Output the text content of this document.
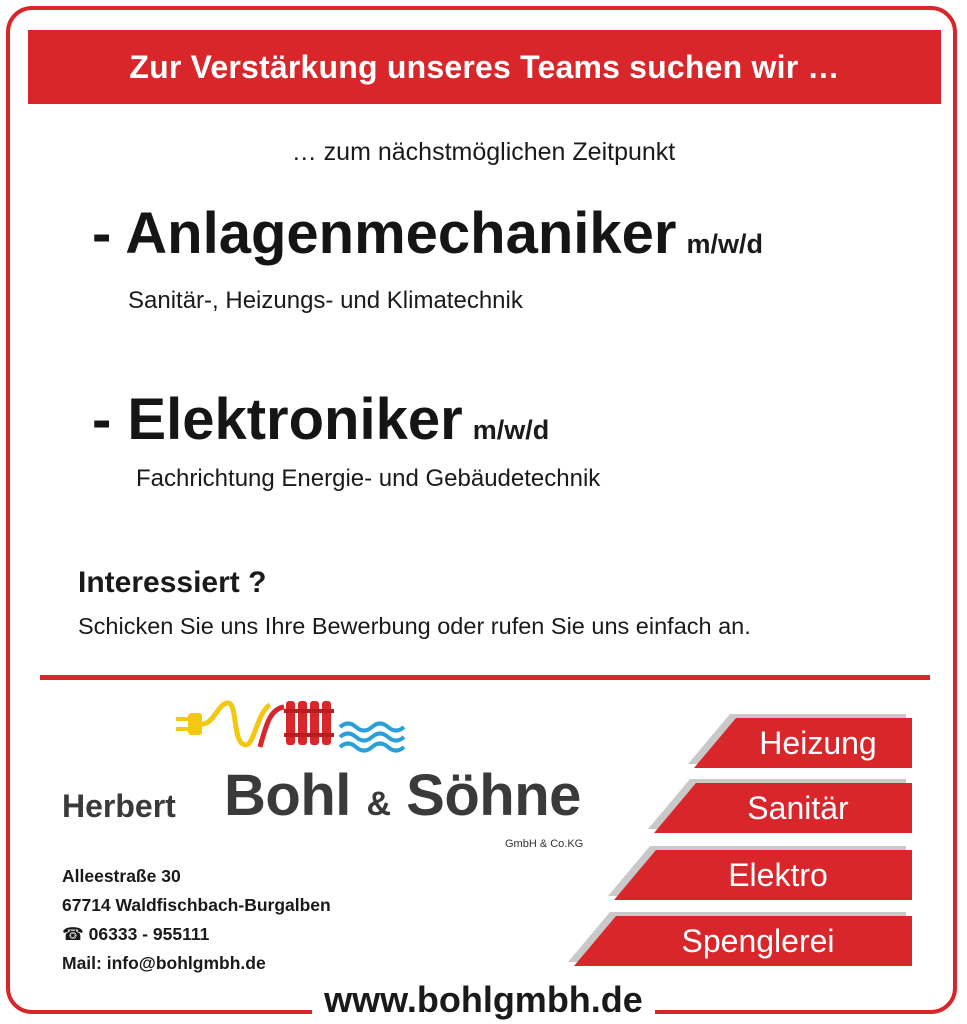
Zur Verstärkung unseres Teams suchen wir …
… zum nächstmöglichen Zeitpunkt
- Anlagenmechaniker m/w/d
Sanitär-, Heizungs- und Klimatechnik
- Elektroniker m/w/d
Fachrichtung Energie- und Gebäudetechnik
Interessiert ?
Schicken Sie uns Ihre Bewerbung oder rufen Sie uns einfach an.
Herbert Bohl & Söhne
GmbH & Co.KG
Alleestraße 30
67714 Waldfischbach-Burgalben
☎ 06333 - 955111
Mail: info@bohlgmbh.de
Heizung
Sanitär
Elektro
Spenglerei
www.bohlgmbh.de
